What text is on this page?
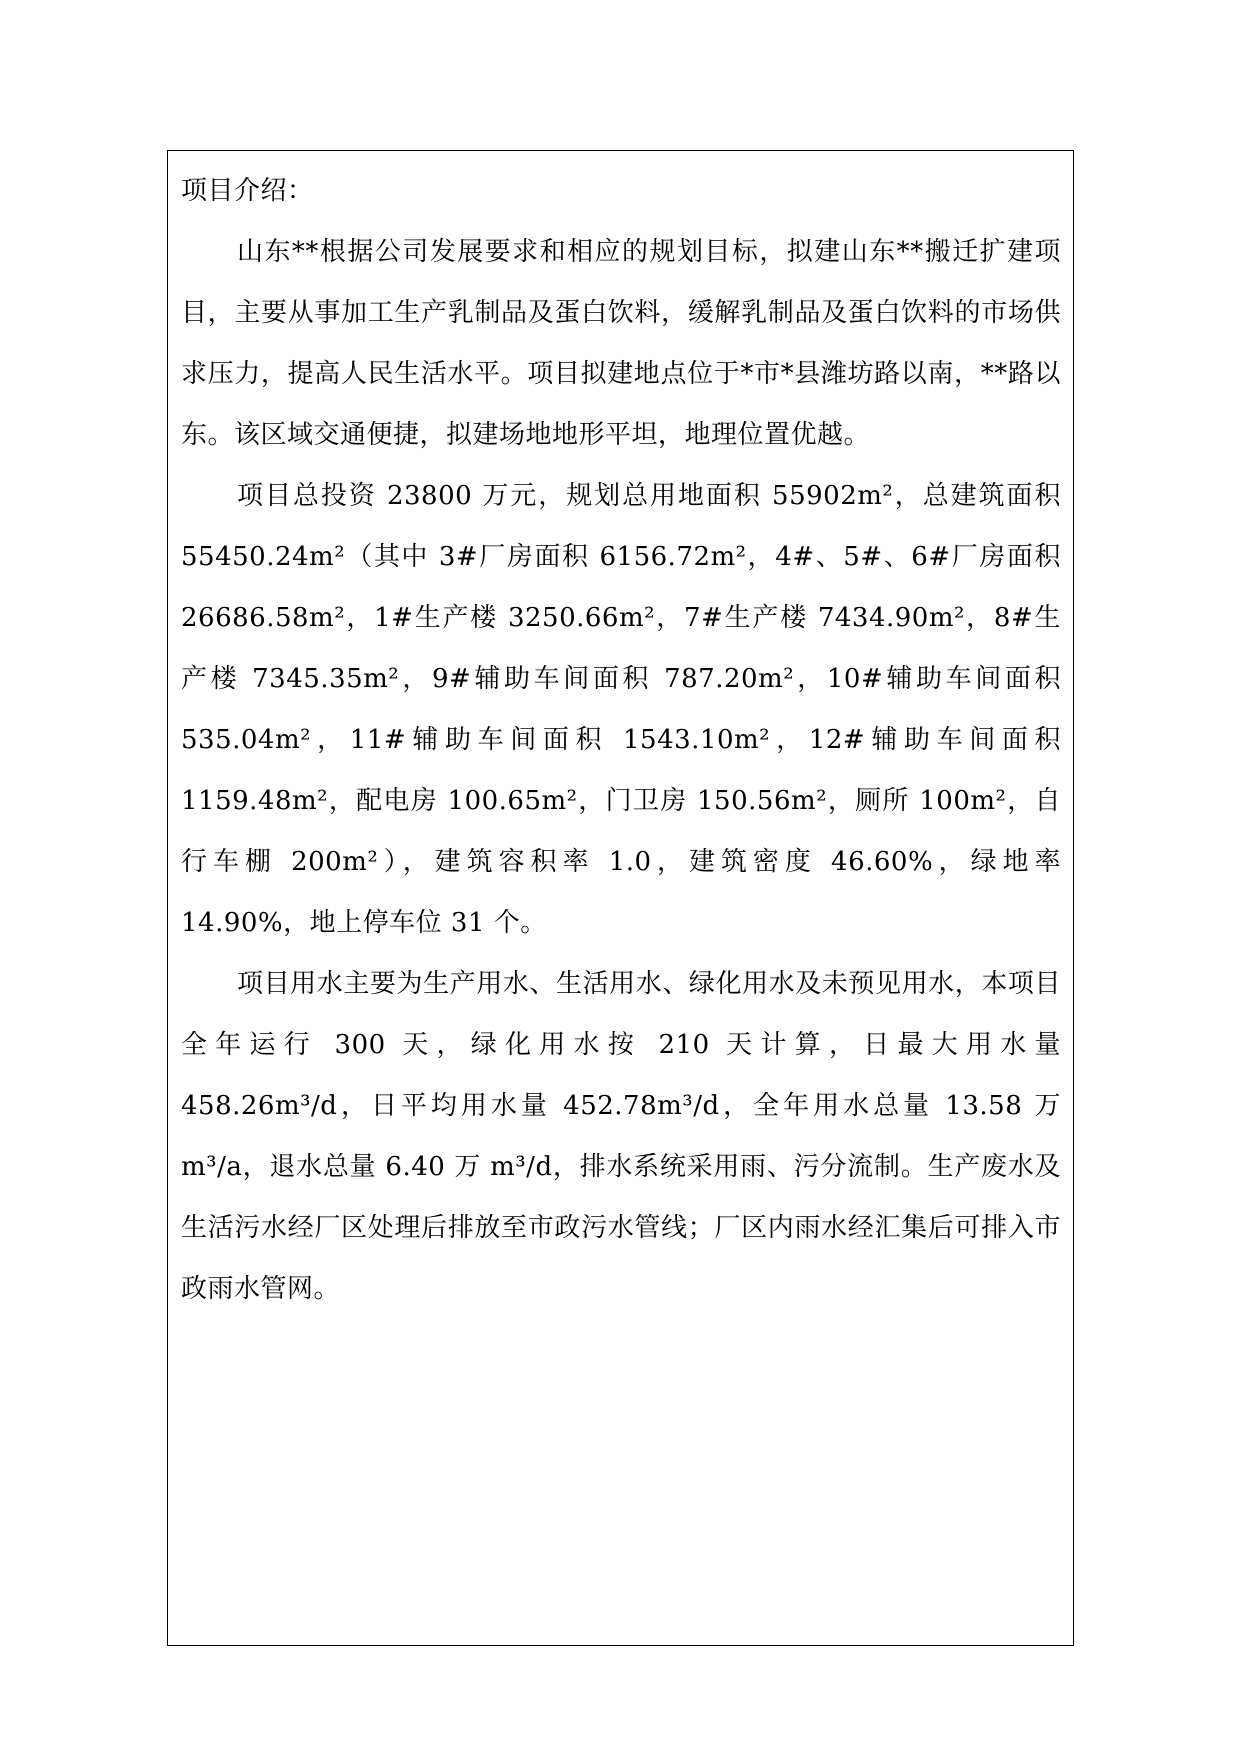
项目介绍：

山东**根据公司发展要求和相应的规划目标，拟建山东**搬迁扩建项目，主要从事加工生产乳制品及蛋白饮料，缓解乳制品及蛋白饮料的市场供求压力，提高人民生活水平。项目拟建地点位于*市*县潍坊路以南，**路以东。该区域交通便捷，拟建场地地形平坦，地理位置优越。

项目总投资 23800 万元，规划总用地面积 55902m²，总建筑面积 55450.24m²（其中 3#厂房面积 6156.72m²，4#、5#、6#厂房面积 26686.58m²，1#生产楼 3250.66m²，7#生产楼 7434.90m²，8#生产楼 7345.35m²，9#辅助车间面积 787.20m²，10#辅助车间面积 535.04m²，11#辅助车间面积 1543.10m²，12#辅助车间面积 1159.48m²，配电房 100.65m²，门卫房 150.56m²，厕所 100m²，自行车棚 200m²），建筑容积率 1.0，建筑密度 46.60%，绿地率 14.90%，地上停车位 31 个。

项目用水主要为生产用水、生活用水、绿化用水及未预见用水，本项目全年运行 300 天，绿化用水按 210 天计算，日最大用水量 458.26m³/d，日平均用水量 452.78m³/d，全年用水总量 13.58 万 m³/a，退水总量 6.40 万 m³/d，排水系统采用雨、污分流制。生产废水及生活污水经厂区处理后排放至市政污水管线；厂区内雨水经汇集后可排入市政雨水管网。
